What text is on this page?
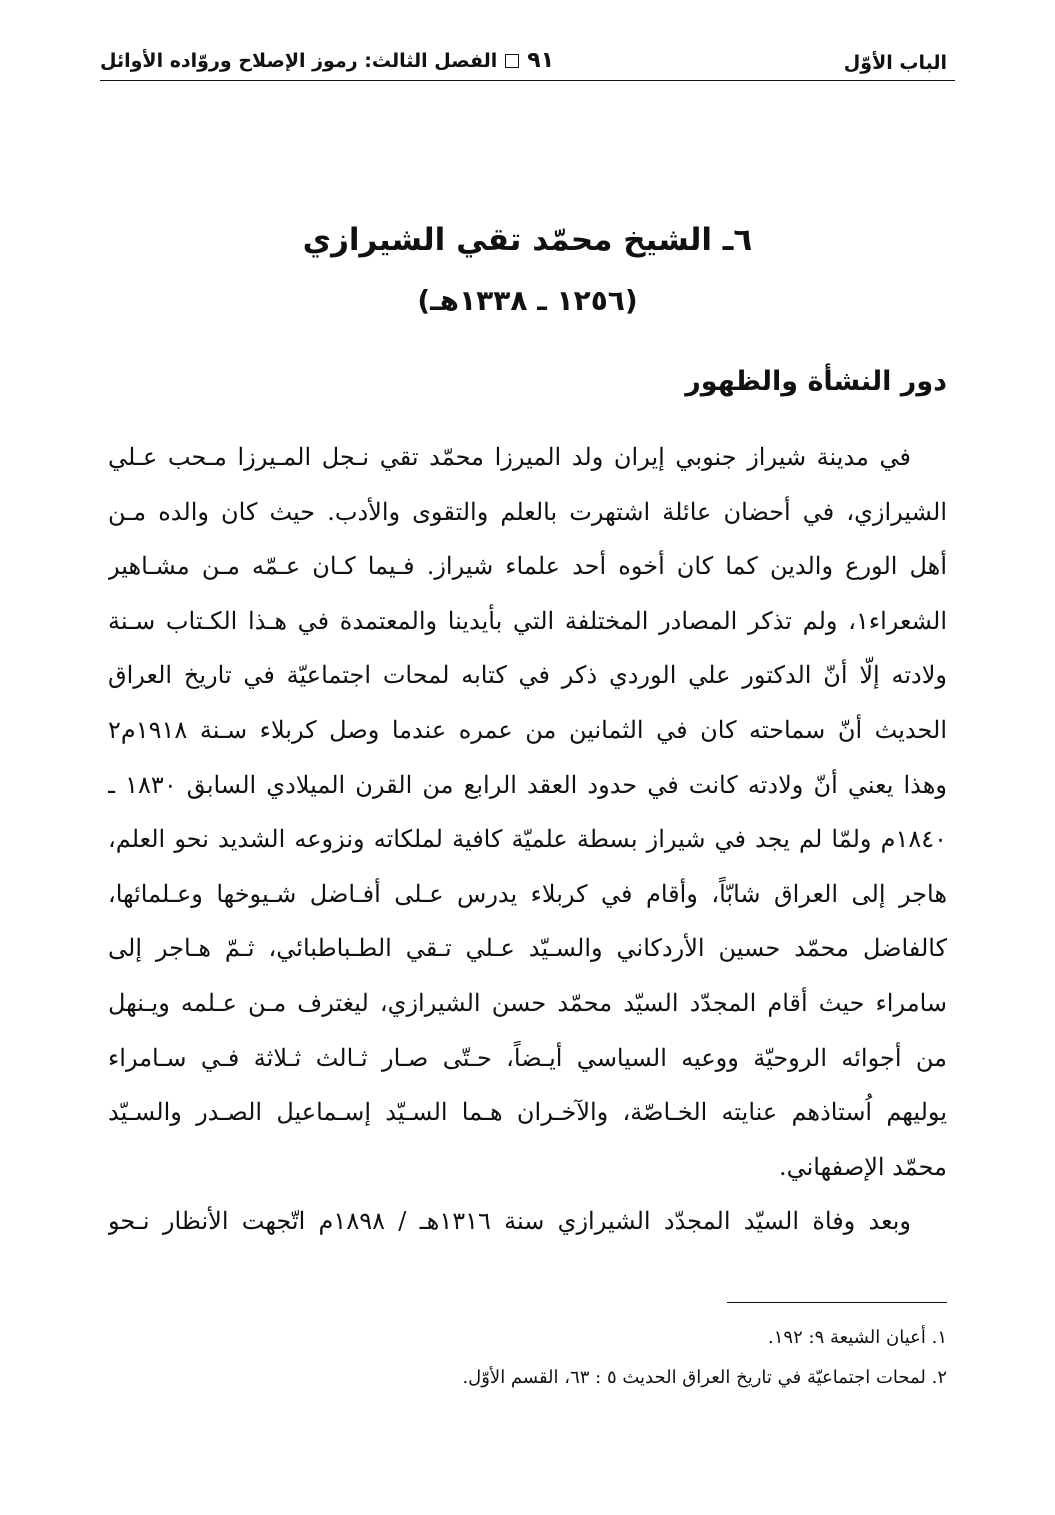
الباب الأوّل
٩١
الفصل الثالث: رموز الإصلاح وروّاده الأوائل
٦ـ الشيخ محمّد تقي الشيرازي
(١٢٥٦ ـ ١٣٣٨هـ)
دور النشأة والظهور
في مدينة شيراز جنوبي إيران ولد الميرزا محمّد تقي نـجل المـيرزا مـحب عـلي
الشيرازي، في أحضان عائلة اشتهرت بالعلم والتقوى والأدب. حيث كان والده مـن
أهل الورع والدين كما كان أخوه أحد علماء شيراز. فـيما كـان عـمّه مـن مشـاهير
الشعراء١، ولم تذكر المصادر المختلفة التي بأيدينا والمعتمدة في هـذا الكـتاب سـنة
ولادته إلّا أنّ الدكتور علي الوردي ذكر في كتابه لمحات اجتماعيّة في تاريخ العراق
الحديث أنّ سماحته كان في الثمانين من عمره عندما وصل كربلاء سـنة ١٩١٨م٢
وهذا يعني أنّ ولادته كانت في حدود العقد الرابع من القرن الميلادي السابق ١٨٣٠ ـ
١٨٤٠م ولمّا لم يجد في شيراز بسطة علميّة كافية لملكاته ونزوعه الشديد نحو العلم،
هاجر إلى العراق شابّاً، وأقام في كربلاء يدرس عـلى أفـاضل شـيوخها وعـلمائها،
كالفاضل محمّد حسين الأردكاني والسـيّد عـلي تـقي الطـباطبائي، ثـمّ هـاجر إلى
سامراء حيث أقام المجدّد السيّد محمّد حسن الشيرازي، ليغترف مـن عـلمه ويـنهل
من أجوائه الروحيّة ووعيه السياسي أيـضاً، حـتّى صـار ثـالث ثـلاثة فـي سـامراء
يوليهم اُستاذهم عنايته الخـاصّة، والآخـران هـما السـيّد إسـماعيل الصـدر والسـيّد
محمّد الإصفهاني.
وبعد وفاة السيّد المجدّد الشيرازي سنة ١٣١٦هـ / ١٨٩٨م اتّجهت الأنظار نـحو
١. أعيان الشيعة ٩: ١٩٢.
٢. لمحات اجتماعيّة في تاريخ العراق الحديث ٥ : ٦٣، القسم الأوّل.
